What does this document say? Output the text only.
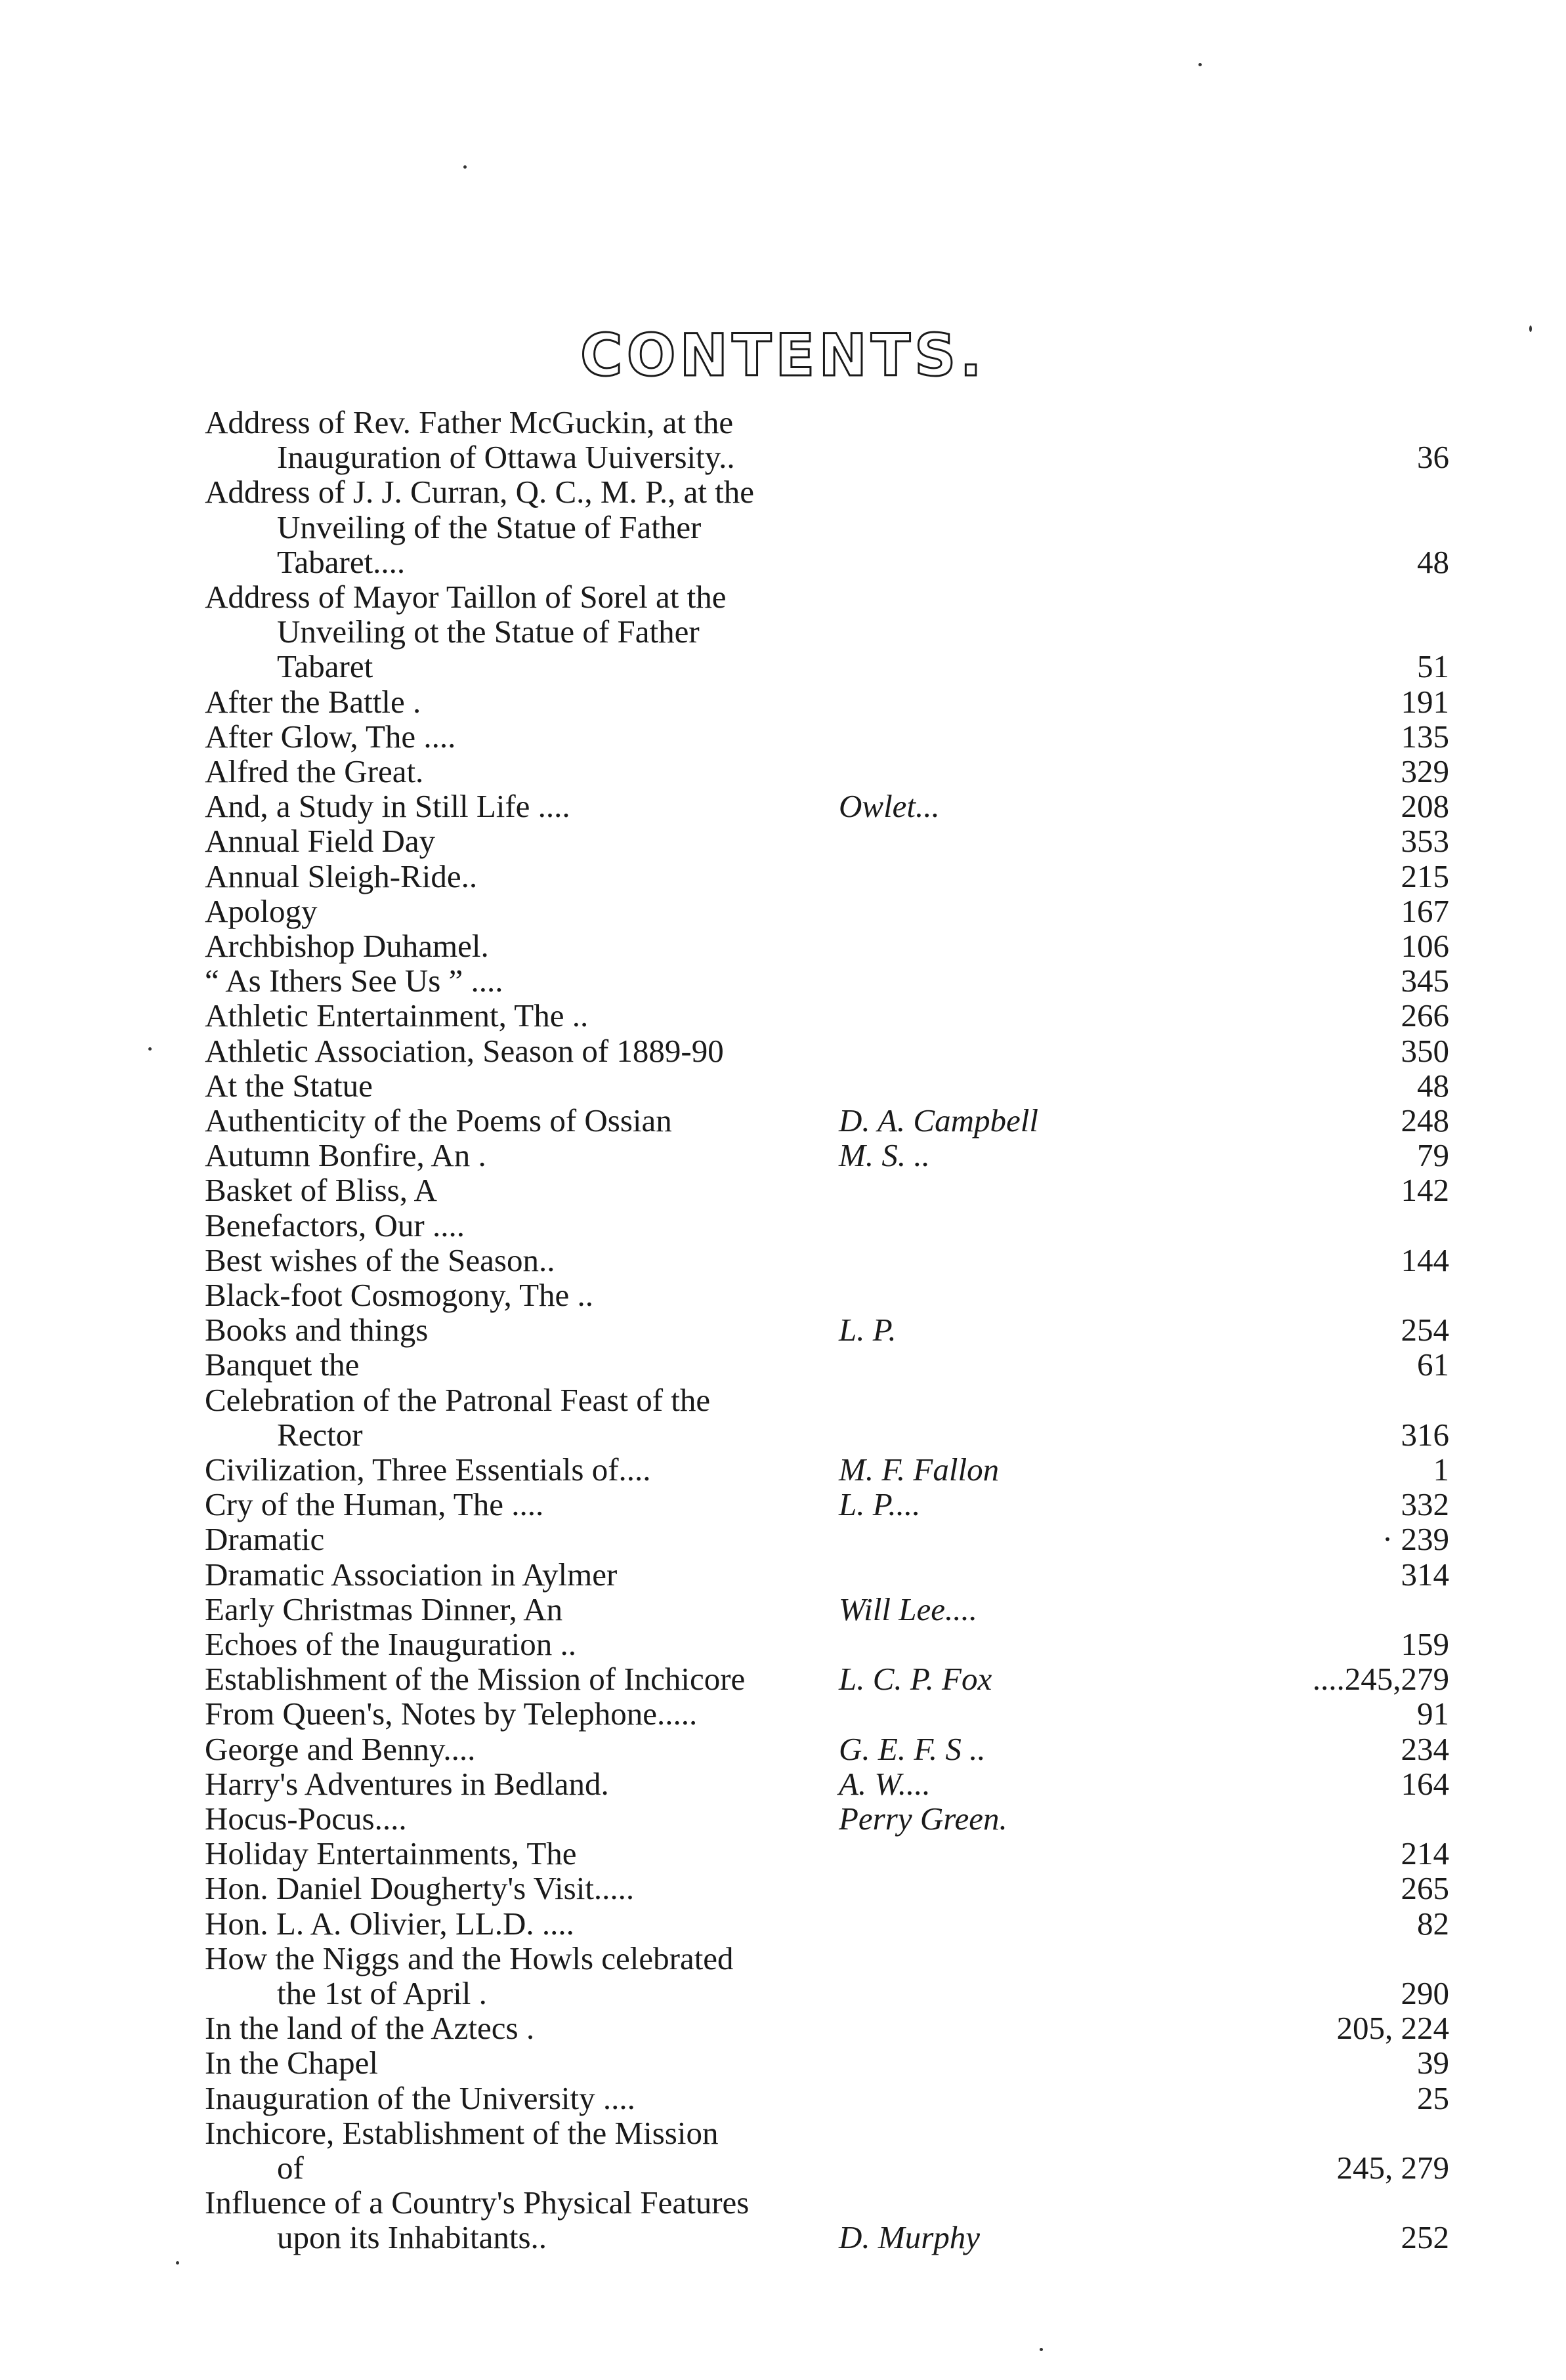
CONTENTS.
Address of Rev. Father McGuckin, at the
Inauguration of Ottawa Uuiversity..	36
Address of J. J. Curran, Q. C., M. P., at the
Unveiling of the Statue of Father
Tabaret....	48
Address of Mayor Taillon of Sorel at the
Unveiling ot the Statue of Father
Tabaret	51
After the Battle .	191
After Glow, The ....	135
Alfred the Great.	329
And, a Study in Still Life ....	Owlet...	208
Annual Field Day	353
Annual Sleigh-Ride..	215
Apology	167
Archbishop Duhamel.	106
“ As Ithers See Us ” ....	345
Athletic Entertainment, The ..	266
Athletic Association, Season of 1889-90	350
At the Statue	48
Authenticity of the Poems of Ossian	D. A. Campbell	248
Autumn Bonfire, An .	M. S. ..	79
Basket of Bliss, A	142
Benefactors, Our ....
Best wishes of the Season..	144
Black-foot Cosmogony, The ..
Books and things	L. P.	254
Banquet the	61
Celebration of the Patronal Feast of the
Rector	316
Civilization, Three Essentials of....	M. F. Fallon	1
Cry of the Human, The ....	L. P....	332
Dramatic	· 239
Dramatic Association in Aylmer	314
Early Christmas Dinner, An	Will Lee....
Echoes of the Inauguration ..	159
Establishment of the Mission of Inchicore	L. C. P. Fox	....245,279
From Queen's, Notes by Telephone.....	91
George and Benny....	G. E. F. S ..	234
Harry's Adventures in Bedland.	A. W....	164
Hocus-Pocus....	Perry Green.
Holiday Entertainments, The	214
Hon. Daniel Dougherty's Visit.....	265
Hon. L. A. Olivier, LL.D. ....	82
How the Niggs and the Howls celebrated
the 1st of April .	290
In the land of the Aztecs .	205, 224
In the Chapel	39
Inauguration of the University ....	25
Inchicore, Establishment of the Mission
of	245, 279
Influence of a Country's Physical Features
upon its Inhabitants..	D. Murphy	252
